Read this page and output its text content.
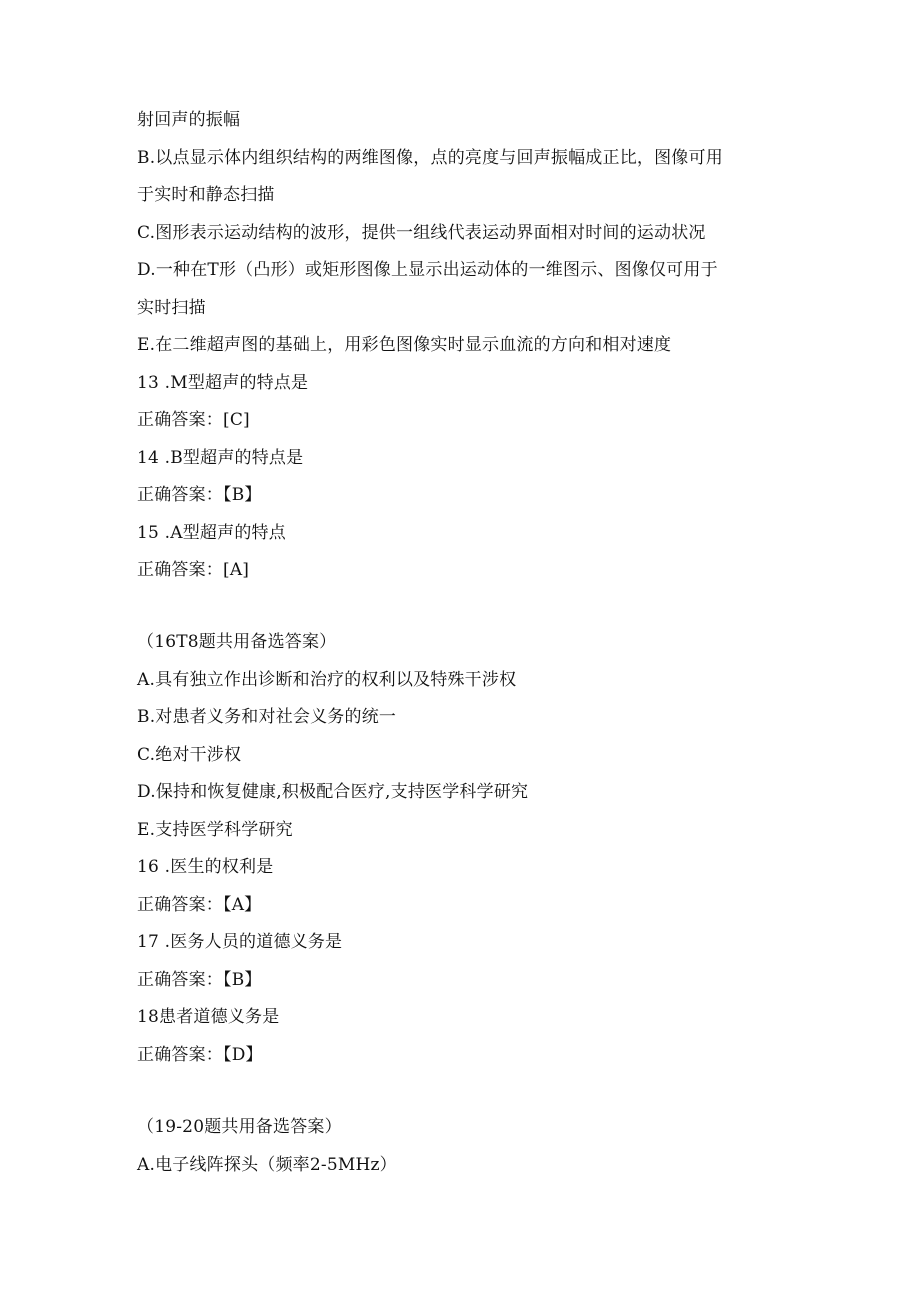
射回声的振幅
B.以点显示体内组织结构的两维图像，点的亮度与回声振幅成正比，图像可用
于实时和静态扫描
C.图形表示运动结构的波形，提供一组线代表运动界面相对时间的运动状况
D.一种在T形（凸形）或矩形图像上显示出运动体的一维图示、图像仅可用于
实时扫描
E.在二维超声图的基础上，用彩色图像实时显示血流的方向和相对速度
13 .M型超声的特点是
正确答案：[C]
14 .B型超声的特点是
正确答案：【B】
15 .A型超声的特点
正确答案：[A]
（16T8题共用备选答案）
A.具有独立作出诊断和治疗的权利以及特殊干涉权
B.对患者义务和对社会义务的统一
C.绝对干涉权
D.保持和恢复健康,积极配合医疗,支持医学科学研究
E.支持医学科学研究
16 .医生的权利是
正确答案：【A】
17 .医务人员的道德义务是
正确答案：【B】
18患者道德义务是
正确答案：【D】
（19-20题共用备选答案）
A.电子线阵探头（频率2-5MHz）
